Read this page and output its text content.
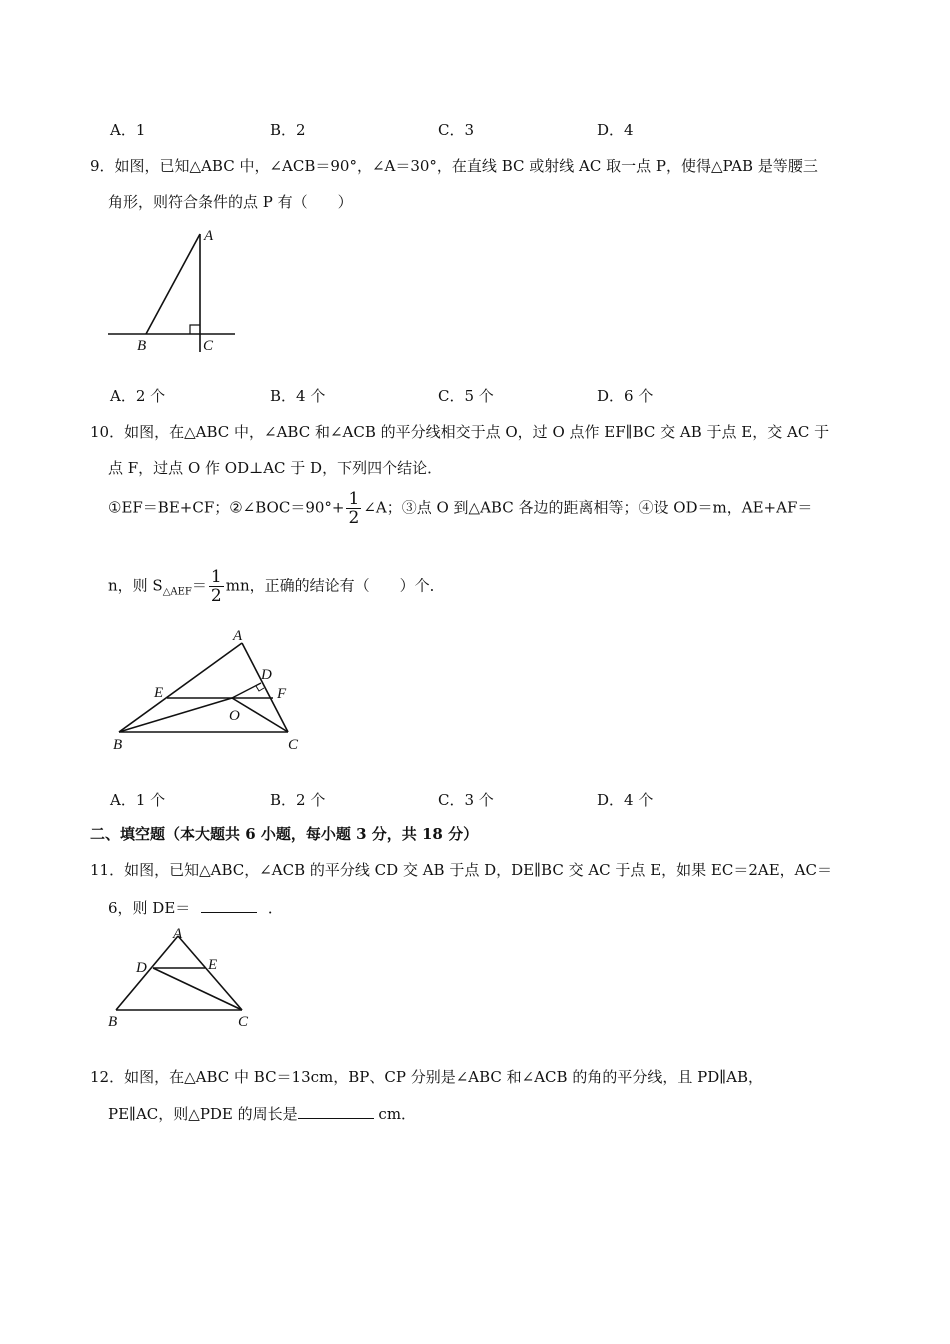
A．1	B．2	C．3	D．4
9．如图，已知△ABC 中，∠ACB＝90°，∠A＝30°，在直线 BC 或射线 AC 取一点 P，使得△PAB 是等腰三
角形，则符合条件的点 P 有（　　）
A
B	C
A．2 个	B．4 个	C．5 个	D．6 个
10．如图，在△ABC 中，∠ABC 和∠ACB 的平分线相交于点 O，过 O 点作 EF∥BC 交 AB 于点 E，交 AC 于
点 F，过点 O 作 OD⊥AC 于 D，下列四个结论．
①EF＝BE+CF；②∠BOC＝90°+ $\frac{1}{2}$ ∠A；③点 O 到△ABC 各边的距离相等；④设 OD＝m，AE+AF＝
n，则 $S_{\triangle AEF}= \frac{1}{2}$ mn，正确的结论有（　　）个．
A
B	C
D
E	F
O
A．1 个	B．2 个	C．3 个	D．4 个
二、填空题（本大题共 6 小题，每小题 3 分，共 18 分）
11．如图，已知△ABC，∠ACB 的平分线 CD 交 AB 于点 D，DE∥BC 交 AC 于点 E，如果 EC＝2AE，AC＝
6，则 DE＝	．
A
B	C
D	E
12．如图，在△ABC 中 BC＝13cm，BP、CP 分别是∠ABC 和∠ACB 的角的平分线，且 PD∥AB，
PE∥AC，则△PDE 的周长是	cm．
